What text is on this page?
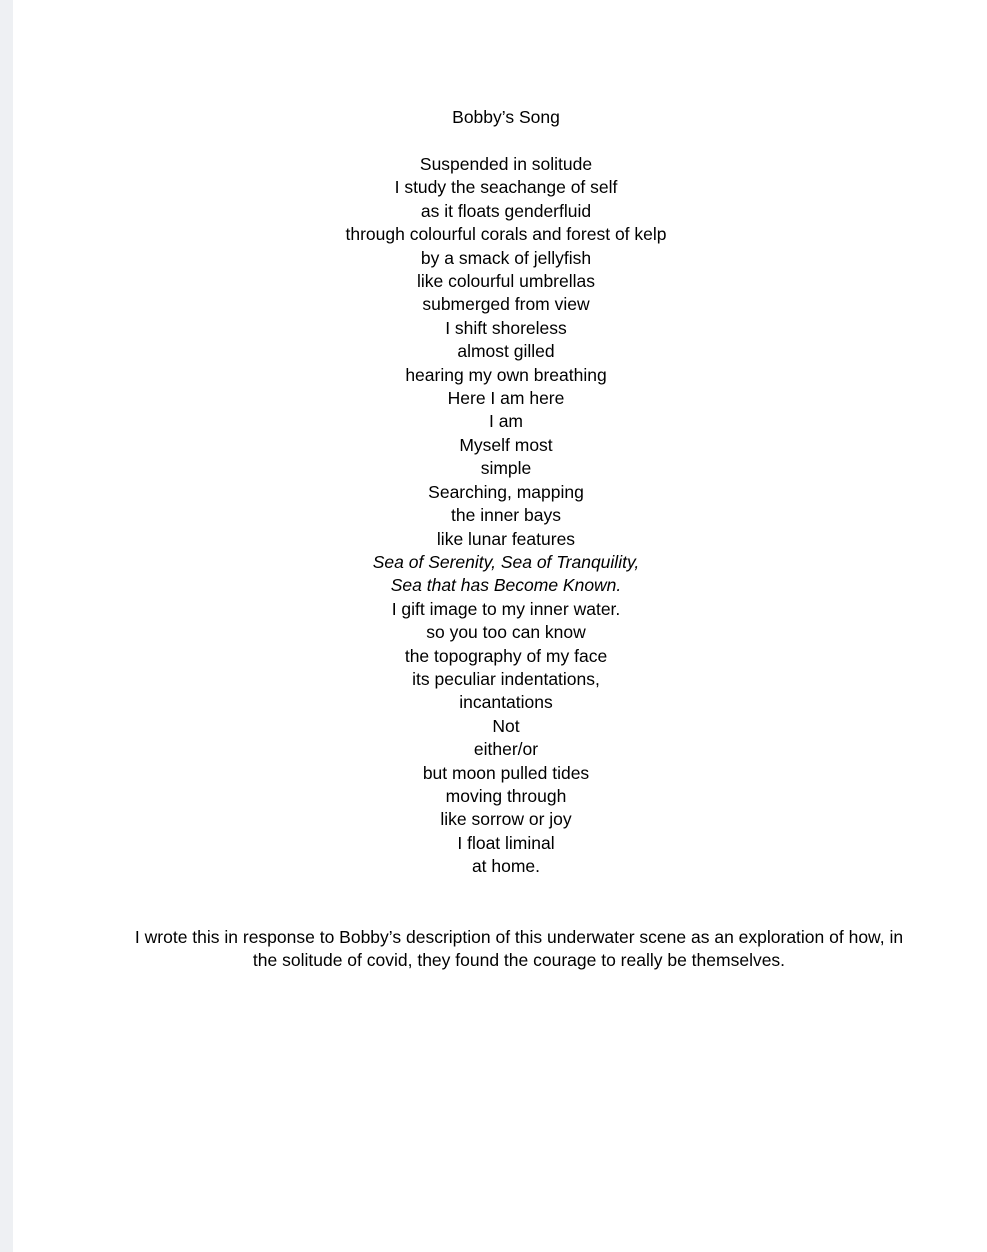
Bobby’s Song
Suspended in solitude
I study the seachange of self
as it floats genderfluid
through colourful corals and forest of kelp
by a smack of jellyfish
like colourful umbrellas
submerged from view
I shift shoreless
almost gilled
hearing my own breathing
Here I am here
I am
Myself most
simple
Searching, mapping
the inner bays
like lunar features
Sea of Serenity, Sea of Tranquility,
Sea that has Become Known.
I gift image to my inner water.
so you too can know
the topography of my face
its peculiar indentations,
incantations
Not
either/or
but moon pulled tides
moving through
like sorrow or joy
I float liminal
at home.

I wrote this in response to Bobby’s description of this underwater scene as an exploration of how, in the solitude of covid, they found the courage to really be themselves.
